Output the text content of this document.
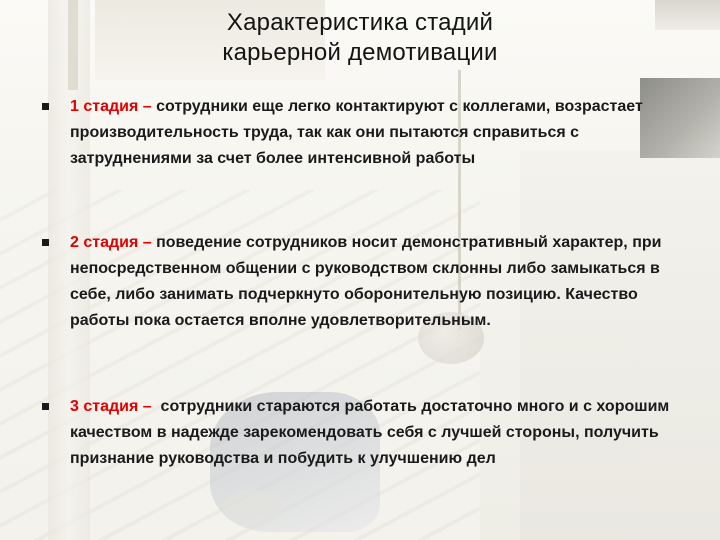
Характеристика стадий
карьерной демотивации
1 стадия – сотрудники еще легко контактируют с коллегами, возрастает производительность труда, так как они пытаются справиться с затруднениями за счет более интенсивной работы
2 стадия – поведение сотрудников носит демонстративный характер, при непосредственном общении с руководством склонны либо замыкаться в себе, либо занимать подчеркнуто оборонительную позицию. Качество работы пока остается вполне удовлетворительным.
3 стадия –  сотрудники стараются работать достаточно много и с хорошим качеством в надежде зарекомендовать себя с лучшей стороны, получить признание руководства и побудить к улучшению дел
